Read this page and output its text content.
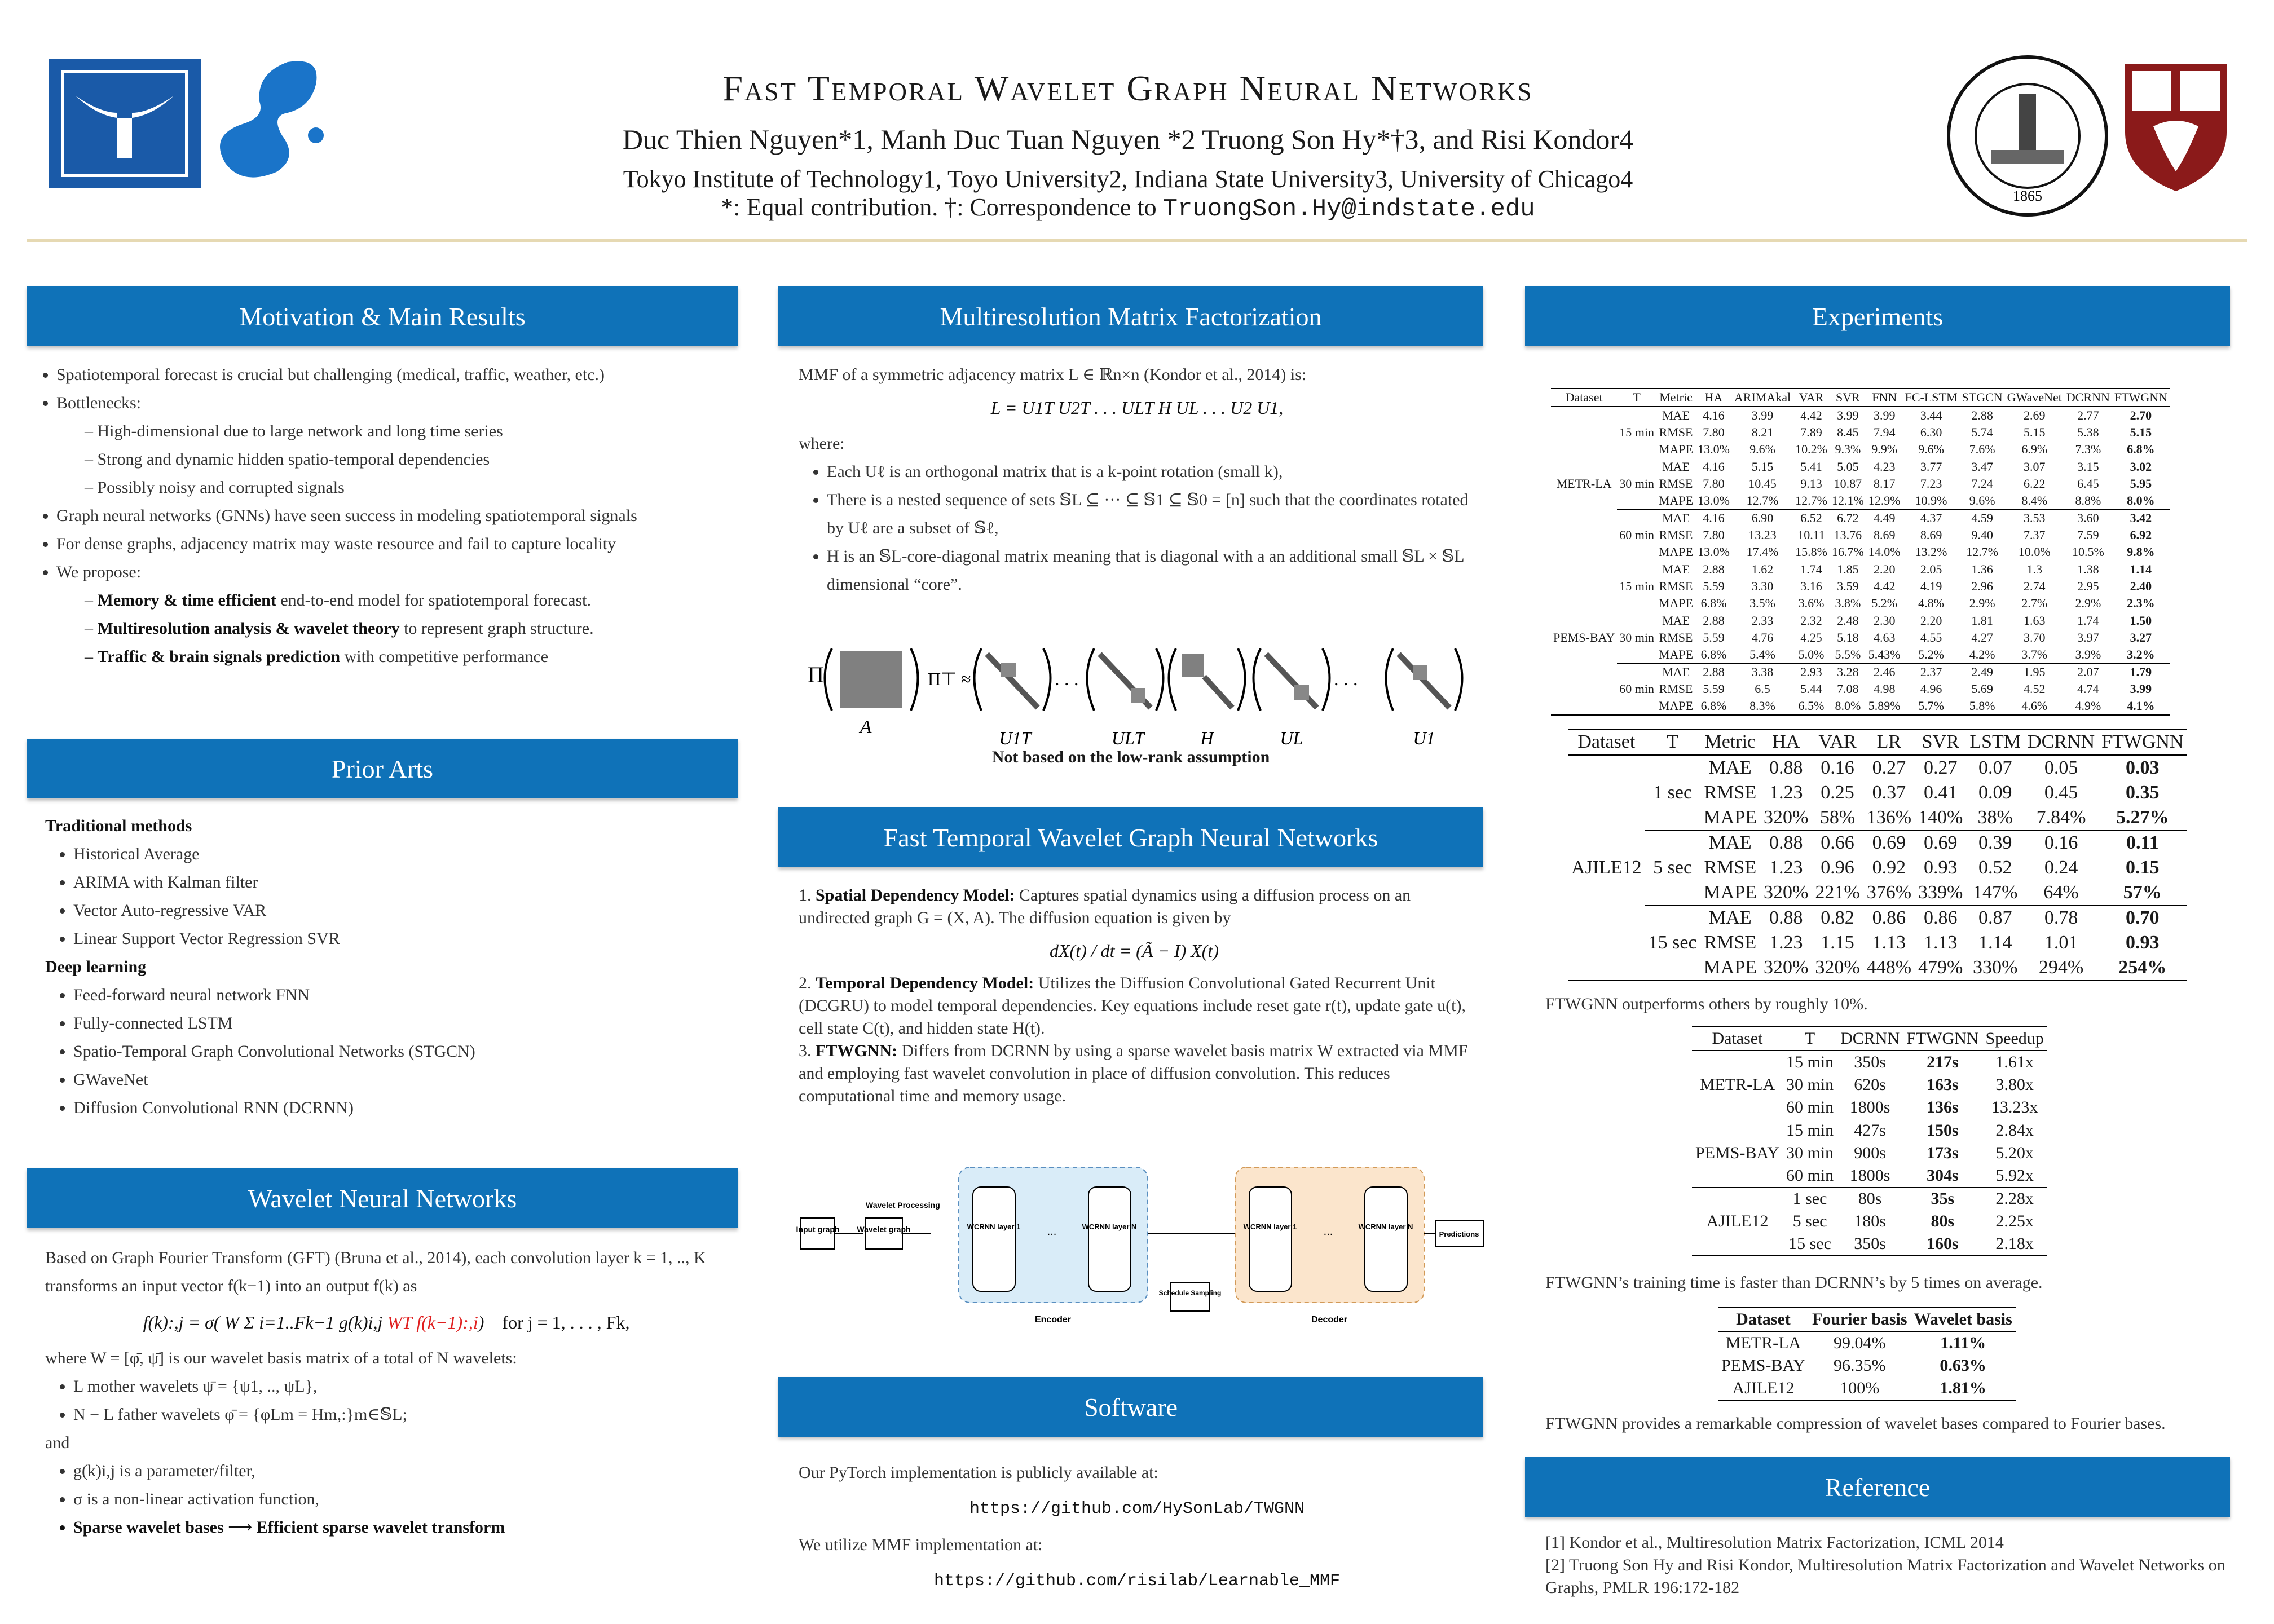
1865
Fast Temporal Wavelet Graph Neural Networks
Duc Thien Nguyen*1, Manh Duc Tuan Nguyen *2 Truong Son Hy*†3, and Risi Kondor4
Tokyo Institute of Technology1, Toyo University2, Indiana State University3, University of Chicago4
*: Equal contribution. †: Correspondence to TruongSon.Hy@indstate.edu
Motivation & Main Results
• Spatiotemporal forecast is crucial but challenging (medical, traffic, weather, etc.)
• Bottlenecks:
– High-dimensional due to large network and long time series
– Strong and dynamic hidden spatio-temporal dependencies
– Possibly noisy and corrupted signals
• Graph neural networks (GNNs) have seen success in modeling spatiotemporal signals
• For dense graphs, adjacency matrix may waste resource and fail to capture locality
• We propose:
– Memory & time efficient end-to-end model for spatiotemporal forecast.
– Multiresolution analysis & wavelet theory to represent graph structure.
– Traffic & brain signals prediction with competitive performance
Prior Arts
Traditional methods
• Historical Average
• ARIMA with Kalman filter
• Vector Auto-regressive VAR
• Linear Support Vector Regression SVR
Deep learning
• Feed-forward neural network FNN
• Fully-connected LSTM
• Spatio-Temporal Graph Convolutional Networks (STGCN)
• GWaveNet
• Diffusion Convolutional RNN (DCRNN)
Wavelet Neural Networks
Based on Graph Fourier Transform (GFT) (Bruna et al., 2014), each convolution layer k = 1, .., K transforms an input vector f(k−1) into an output f(k) as
f(k):,j = σ( W Σ i=1..Fk−1 g(k)i,j WT f(k−1):,i) for j = 1, . . . , Fk,
where W = [φ̄, ψ̄] is our wavelet basis matrix of a total of N wavelets:
• L mother wavelets ψ̄ = {ψ1, .., ψL},
• N − L father wavelets φ̄ = {φLm = Hm,:}m∈𝕊L;
and
• g(k)i,j is a parameter/filter,
• σ is a non-linear activation function,
• Sparse wavelet bases ⟶ Efficient sparse wavelet transform
Multiresolution Matrix Factorization
MMF of a symmetric adjacency matrix L ∈ ℝn×n (Kondor et al., 2014) is:
L = U1T U2T . . . ULT H UL . . . U2 U1,
where:
• Each Uℓ is an orthogonal matrix that is a k-point rotation (small k),
• There is a nested sequence of sets 𝕊L ⊆ ··· ⊆ 𝕊1 ⊆ 𝕊0 = [n] such that the coordinates rotated by Uℓ are a subset of 𝕊ℓ,
• H is an 𝕊L-core-diagonal matrix meaning that is diagonal with a an additional small 𝕊L × 𝕊L dimensional “core”.
Π	Π⊤ ≈
A
. . .
U1T	ULT	H
. . .
UL	U1
Not based on the low-rank assumption
Fast Temporal Wavelet Graph Neural Networks
1. Spatial Dependency Model: Captures spatial dynamics using a diffusion process on an undirected graph G = (X, A). The diffusion equation is given by
dX(t) / dt = (Ã − I) X(t)
2. Temporal Dependency Model: Utilizes the Diffusion Convolutional Gated Recurrent Unit (DCGRU) to model temporal dependencies. Key equations include reset gate r(t), update gate u(t), cell state C(t), and hidden state H(t).
3. FTWGNN: Differs from DCRNN by using a sparse wavelet basis matrix W extracted via MMF and employing fast wavelet convolution in place of diffusion convolution. This reduces computational time and memory usage.
Input graph
Wavelet Processing
Wavelet graph	WCRNN layer 1 ...	WCRNN layer N
Encoder
Schedule Sampling
WCRNN layer 1 ...	WCRNN layer N
Decoder
Predictions
Software
Our PyTorch implementation is publicly available at:
https://github.com/HySonLab/TWGNN
We utilize MMF implementation at:
https://github.com/risilab/Learnable_MMF
Experiments
Dataset	T	Metric	HA	ARIMAkal	VAR	SVR	FNN	FC-LSTM	STGCN	GWaveNet	DCRNN	FTWGNN
METR-LA	15 min	MAE	4.16	3.99	4.42	3.99	3.99	3.44	2.88	2.69	2.77	2.70
		RMSE	7.80	8.21	7.89	8.45	7.94	6.30	5.74	5.15	5.38	5.15
		MAPE	13.0%	9.6%	10.2%	9.3%	9.9%	9.6%	7.6%	6.9%	7.3%	6.8%
	30 min	MAE	4.16	5.15	5.41	5.05	4.23	3.77	3.47	3.07	3.15	3.02
		RMSE	7.80	10.45	9.13	10.87	8.17	7.23	7.24	6.22	6.45	5.95
		MAPE	13.0%	12.7%	12.7%	12.1%	12.9%	10.9%	9.6%	8.4%	8.8%	8.0%
	60 min	MAE	4.16	6.90	6.52	6.72	4.49	4.37	4.59	3.53	3.60	3.42
		RMSE	7.80	13.23	10.11	13.76	8.69	8.69	9.40	7.37	7.59	6.92
		MAPE	13.0%	17.4%	15.8%	16.7%	14.0%	13.2%	12.7%	10.0%	10.5%	9.8%
PEMS-BAY	15 min	MAE	2.88	1.62	1.74	1.85	2.20	2.05	1.36	1.3	1.38	1.14
		RMSE	5.59	3.30	3.16	3.59	4.42	4.19	2.96	2.74	2.95	2.40
		MAPE	6.8%	3.5%	3.6%	3.8%	5.2%	4.8%	2.9%	2.7%	2.9%	2.3%
	30 min	MAE	2.88	2.33	2.32	2.48	2.30	2.20	1.81	1.63	1.74	1.50
		RMSE	5.59	4.76	4.25	5.18	4.63	4.55	4.27	3.70	3.97	3.27
		MAPE	6.8%	5.4%	5.0%	5.5%	5.43%	5.2%	4.2%	3.7%	3.9%	3.2%
	60 min	MAE	2.88	3.38	2.93	3.28	2.46	2.37	2.49	1.95	2.07	1.79
		RMSE	5.59	6.5	5.44	7.08	4.98	4.96	5.69	4.52	4.74	3.99
		MAPE	6.8%	8.3%	6.5%	8.0%	5.89%	5.7%	5.8%	4.6%	4.9%	4.1%
Dataset	T	Metric	HA	VAR	LR	SVR	LSTM	DCRNN	FTWGNN
AJILE12	1 sec	MAE	0.88	0.16	0.27	0.27	0.07	0.05	0.03
		RMSE	1.23	0.25	0.37	0.41	0.09	0.45	0.35
		MAPE	320%	58%	136%	140%	38%	7.84%	5.27%
	5 sec	MAE	0.88	0.66	0.69	0.69	0.39	0.16	0.11
		RMSE	1.23	0.96	0.92	0.93	0.52	0.24	0.15
		MAPE	320%	221%	376%	339%	147%	64%	57%
	15 sec	MAE	0.88	0.82	0.86	0.86	0.87	0.78	0.70
		RMSE	1.23	1.15	1.13	1.13	1.14	1.01	0.93
		MAPE	320%	320%	448%	479%	330%	294%	254%
FTWGNN outperforms others by roughly 10%.
Dataset	T	DCRNN	FTWGNN	Speedup
METR-LA	15 min	350s	217s	1.61x
	30 min	620s	163s	3.80x
	60 min	1800s	136s	13.23x
PEMS-BAY	15 min	427s	150s	2.84x
	30 min	900s	173s	5.20x
	60 min	1800s	304s	5.92x
AJILE12	1 sec	80s	35s	2.28x
	5 sec	180s	80s	2.25x
	15 sec	350s	160s	2.18x
FTWGNN’s training time is faster than DCRNN’s by 5 times on average.
Dataset	Fourier basis	Wavelet basis
METR-LA	99.04%	1.11%
PEMS-BAY	96.35%	0.63%
AJILE12	100%	1.81%
FTWGNN provides a remarkable compression of wavelet bases compared to Fourier bases.
Reference
[1] Kondor et al., Multiresolution Matrix Factorization, ICML 2014
[2] Truong Son Hy and Risi Kondor, Multiresolution Matrix Factorization and Wavelet Networks on Graphs, PMLR 196:172-182
